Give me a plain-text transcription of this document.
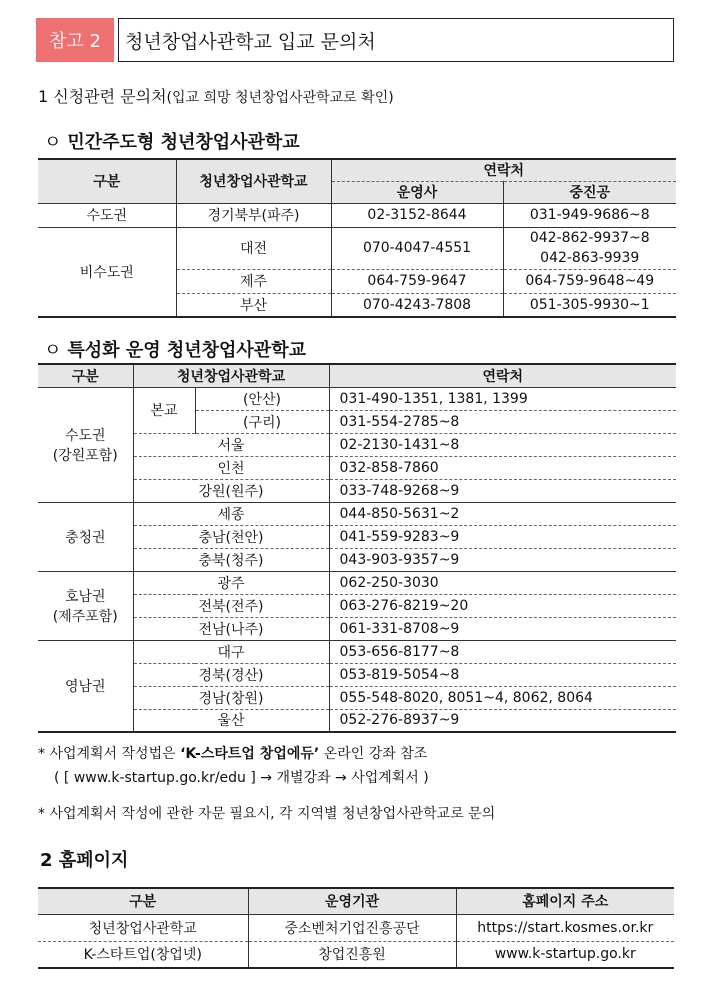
참고 2	청년창업사관학교 입교 문의처
1 신청관련 문의처(입교 희망 청년창업사관학교로 확인)
ㅇ 민간주도형 청년창업사관학교
구분	청년창업사관학교	연락처	
		운영사	중진공
수도권	경기북부(파주)	02-3152-8644	031-949-9686~8
비수도권	대전	070-4047-4551	042-862-9937~8
042-863-9939

	제주	064-759-9647	064-759-9648~49
	부산	070-4243-7808	051-305-9930~1
ㅇ 특성화 운영 청년창업사관학교
구분	청년창업사관학교		연락처

수도권
(강원포함)	본교	(안산)	031-490-1351, 1381, 1399
		(구리)	031-554-2785~8
	서울		02-2130-1431~8
	인천		032-858-7860
	강원(원주)		033-748-9268~9
충청권	세종		044-850-5631~2
	충남(천안)		041-559-9283~9
	충북(청주)		043-903-9357~9

호남권
(제주포함)	광주		062-250-3030
	전북(전주)		063-276-8219~20
	전남(나주)		061-331-8708~9
영남권	대구		053-656-8177~8
	경북(경산)		053-819-5054~8
	경남(창원)		055-548-8020, 8051~4, 8062, 8064
	울산		052-276-8937~9
* 사업계획서 작성법은 ‘K-스타트업 창업에듀’ 온라인 강좌 참조
( [ www.k-startup.go.kr/edu ] → 개별강좌 → 사업계획서 )
* 사업계획서 작성에 관한 자문 필요시, 각 지역별 청년창업사관학교로 문의
2 홈페이지
구분	운영기관	홈페이지 주소
청년창업사관학교	중소벤처기업진흥공단	https://start.kosmes.or.kr
K-스타트업(창업넷)	창업진흥원	www.k-startup.go.kr
